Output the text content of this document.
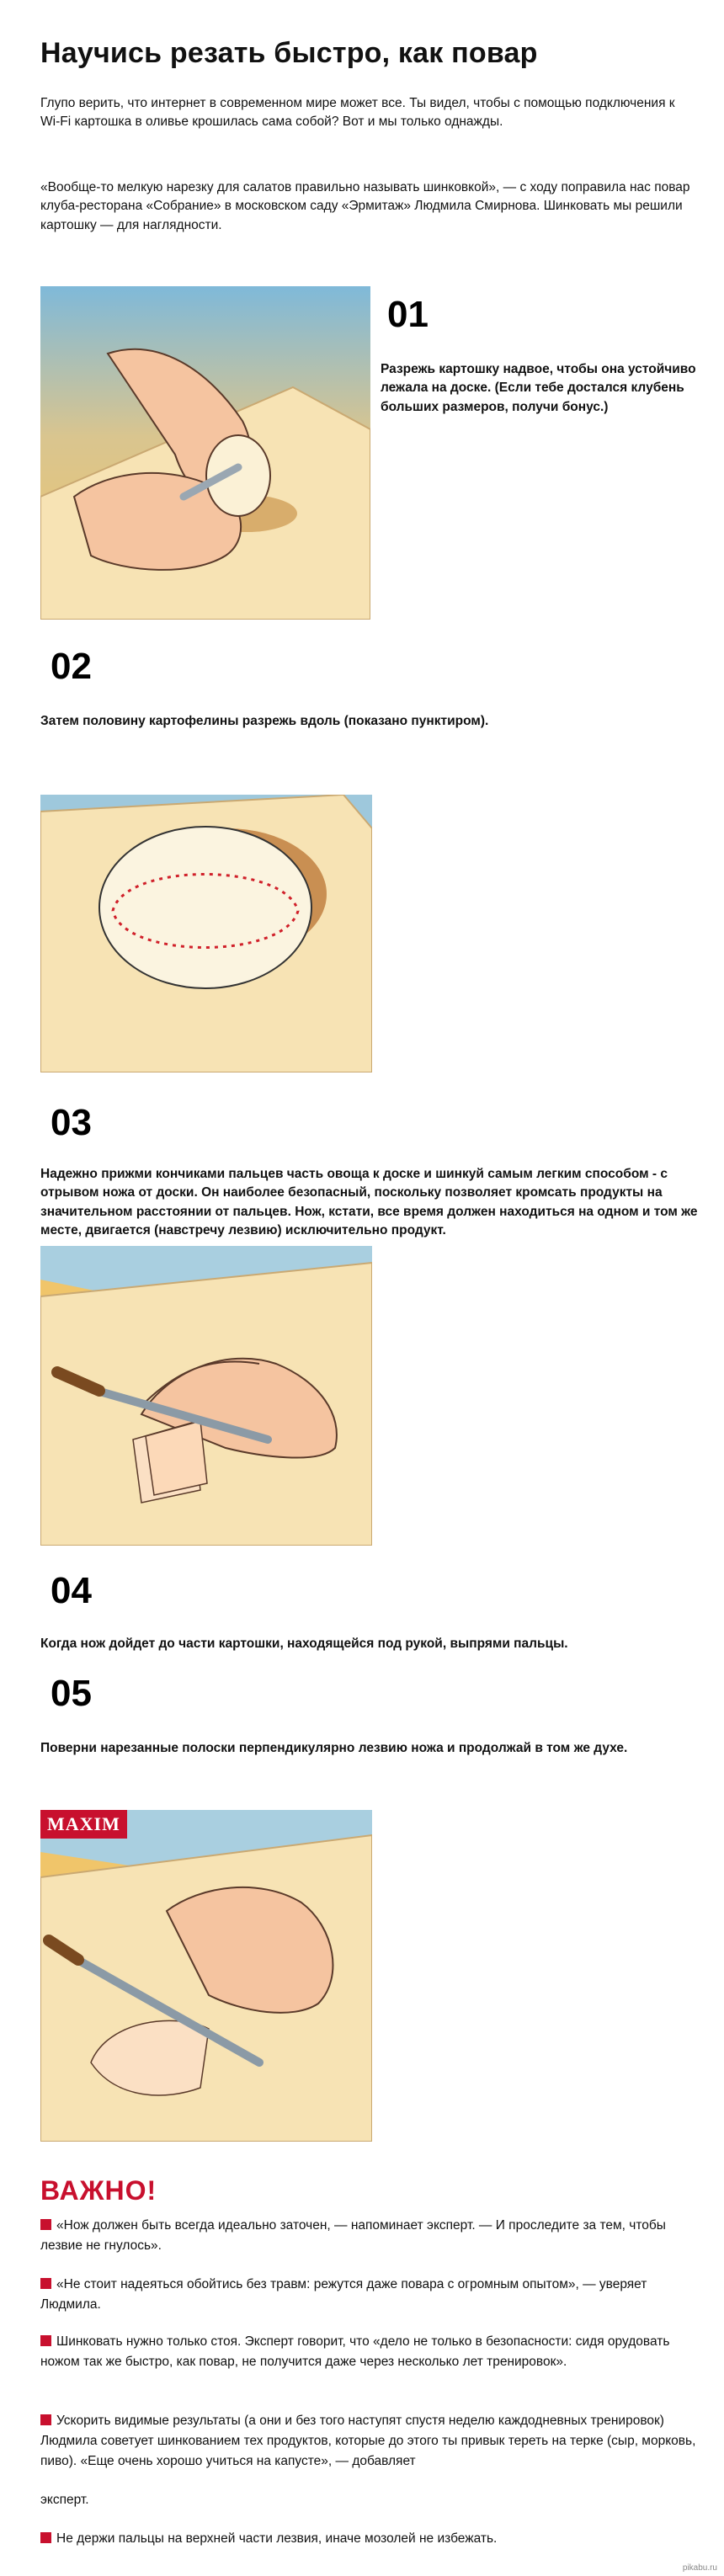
Научись резать быстро, как повар
Глупо верить, что интернет в современном мире может все. Ты видел, чтобы с помощью подключения к Wi-Fi картошка в оливье крошилась сама собой? Вот и мы только однажды.
«Вообще-то мелкую нарезку для салатов правильно называть шинковкой», — с ходу поправила нас повар клуба-ресторана «Собрание» в московском саду «Эрмитаж» Людмила Смирнова. Шинковать мы решили картошку — для наглядности.
01
Разрежь картошку надвое, чтобы она устойчиво лежала на доске. (Если тебе достался клубень больших размеров, получи бонус.)
02
Затем половину картофелины разрежь вдоль (показано пунктиром).
03
Надежно прижми кончиками пальцев часть овоща к доске и шинкуй самым легким способом - с отрывом ножа от доски. Он наиболее безопасный, поскольку позволяет кромсать продукты на значительном расстоянии от пальцев. Нож, кстати, все время должен находиться на одном и том же месте, двигается (навстречу лезвию) исключительно продукт.
04
Когда нож дойдет до части картошки, находящейся под рукой, выпрями пальцы.
05
Поверни нарезанные полоски перпендикулярно лезвию ножа и продолжай в том же духе.
MAXIM
ВАЖНО!
«Нож должен быть всегда идеально заточен, — напоминает эксперт. — И проследите за тем, чтобы лезвие не гнулось».
«Не стоит надеяться обойтись без травм: режутся даже повара с огромным опытом», — уверяет Людмила.
Шинковать нужно только стоя. Эксперт говорит, что «дело не только в безопасности: сидя орудовать ножом так же быстро, как повар, не получится даже через несколько лет тренировок».
Ускорить видимые результаты (а они и без того наступят спустя неделю каждодневных тренировок) Людмила советует шинкованием тех продуктов, которые до этого ты привык тереть на терке (сыр, морковь, пиво). «Еще очень хорошо учиться на капусте», — добавляет
эксперт.
Не держи пальцы на верхней части лезвия, иначе мозолей не избежать.
pikabu.ru
